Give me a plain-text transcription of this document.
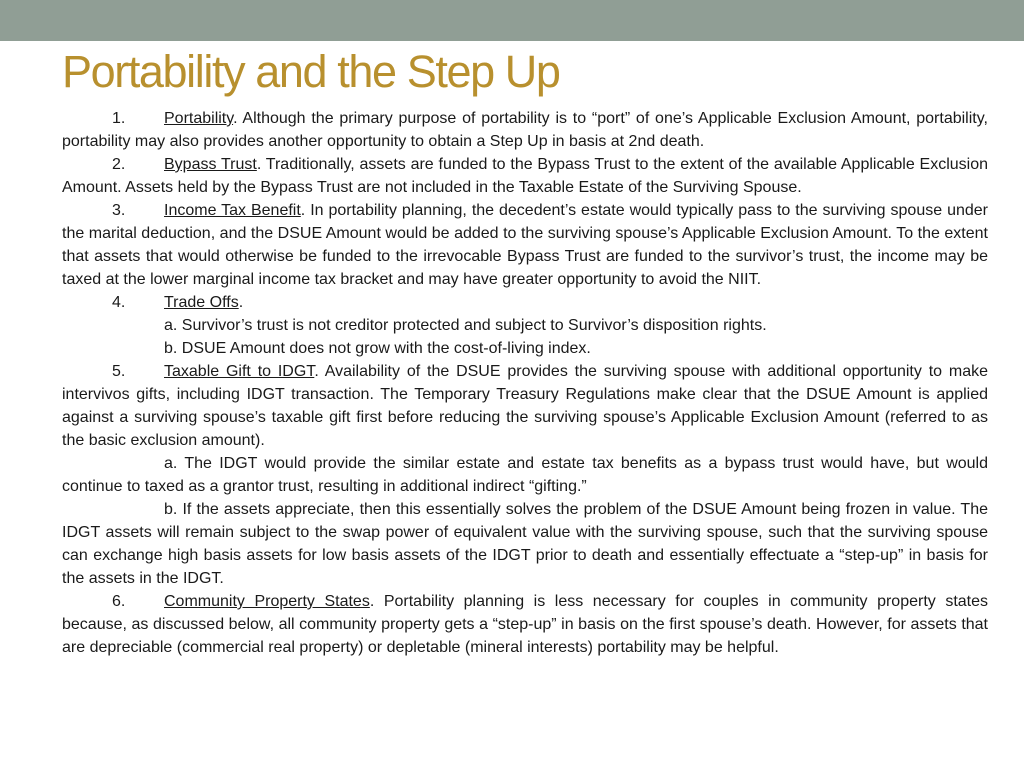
Portability and the Step Up

1. Portability. Although the primary purpose of portability is to “port” of one’s Applicable Exclusion Amount, portability, portability may also provides another opportunity to obtain a Step Up in basis at 2nd death.

2. Bypass Trust. Traditionally, assets are funded to the Bypass Trust to the extent of the available Applicable Exclusion Amount. Assets held by the Bypass Trust are not included in the Taxable Estate of the Surviving Spouse.

3. Income Tax Benefit. In portability planning, the decedent’s estate would typically pass to the surviving spouse under the marital deduction, and the DSUE Amount would be added to the surviving spouse’s Applicable Exclusion Amount. To the extent that assets that would otherwise be funded to the irrevocable Bypass Trust are funded to the survivor’s trust, the income may be taxed at the lower marginal income tax bracket and may have greater opportunity to avoid the NIIT.

4. Trade Offs.

a. Survivor’s trust is not creditor protected and subject to Survivor’s disposition rights.

b. DSUE Amount does not grow with the cost-of-living index.

5. Taxable Gift to IDGT. Availability of the DSUE provides the surviving spouse with additional opportunity to make intervivos gifts, including IDGT transaction. The Temporary Treasury Regulations make clear that the DSUE Amount is applied against a surviving spouse’s taxable gift first before reducing the surviving spouse’s Applicable Exclusion Amount (referred to as the basic exclusion amount).

a. The IDGT would provide the similar estate and estate tax benefits as a bypass trust would have, but would continue to taxed as a grantor trust, resulting in additional indirect “gifting.”

b. If the assets appreciate, then this essentially solves the problem of the DSUE Amount being frozen in value. The IDGT assets will remain subject to the swap power of equivalent value with the surviving spouse, such that the surviving spouse can exchange high basis assets for low basis assets of the IDGT prior to death and essentially effectuate a “step-up” in basis for the assets in the IDGT.

6. Community Property States. Portability planning is less necessary for couples in community property states because, as discussed below, all community property gets a “step-up” in basis on the first spouse’s death. However, for assets that are depreciable (commercial real property) or depletable (mineral interests) portability may be helpful.
